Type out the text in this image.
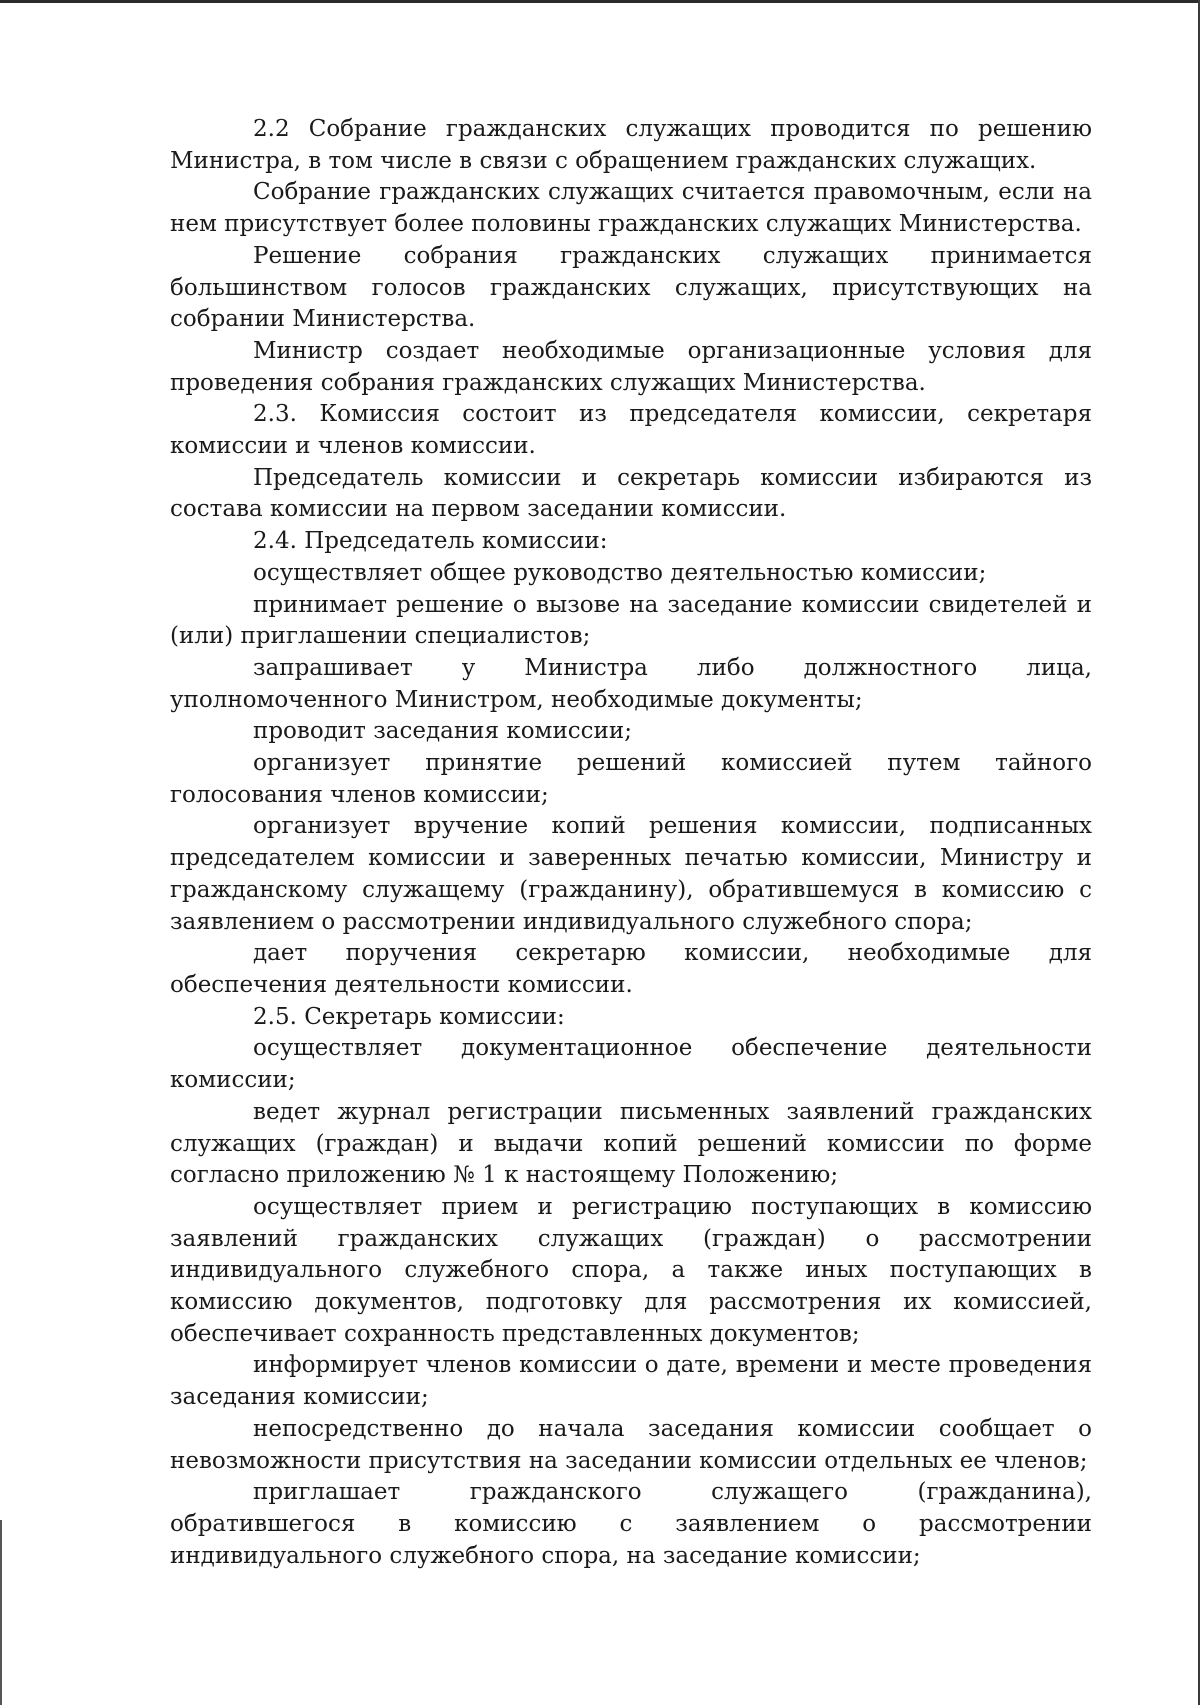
2.2 Собрание гражданских служащих проводится по решению Министра, в том числе в связи с обращением гражданских служащих.

Собрание гражданских служащих считается правомочным, если на нем присутствует более половины гражданских служащих Министерства.

Решение собрания гражданских служащих принимается большинством голосов гражданских служащих, присутствующих на собрании Министерства.

Министр создает необходимые организационные условия для проведения собрания гражданских служащих Министерства.

2.3. Комиссия состоит из председателя комиссии, секретаря комиссии и членов комиссии.

Председатель комиссии и секретарь комиссии избираются из состава комиссии на первом заседании комиссии.

2.4. Председатель комиссии:

осуществляет общее руководство деятельностью комиссии;

принимает решение о вызове на заседание комиссии свидетелей и (или) приглашении специалистов;

запрашивает у Министра либо должностного лица, уполномоченного Министром, необходимые документы;

проводит заседания комиссии;

организует принятие решений комиссией путем тайного голосования членов комиссии;

организует вручение копий решения комиссии, подписанных председателем комиссии и заверенных печатью комиссии, Министру и гражданскому служащему (гражданину), обратившемуся в комиссию с заявлением о рассмотрении индивидуального служебного спора;

дает поручения секретарю комиссии, необходимые для обеспечения деятельности комиссии.

2.5. Секретарь комиссии:

осуществляет документационное обеспечение деятельности комиссии;

ведет журнал регистрации письменных заявлений гражданских служащих (граждан) и выдачи копий решений комиссии по форме согласно приложению № 1 к настоящему Положению;

осуществляет прием и регистрацию поступающих в комиссию заявлений гражданских служащих (граждан) о рассмотрении индивидуального служебного спора, а также иных поступающих в комиссию документов, подготовку для рассмотрения их комиссией, обеспечивает сохранность представленных документов;

информирует членов комиссии о дате, времени и месте проведения заседания комиссии;

непосредственно до начала заседания комиссии сообщает о невозможности присутствия на заседании комиссии отдельных ее членов;

приглашает гражданского служащего (гражданина), обратившегося в комиссию с заявлением о рассмотрении индивидуального служебного спора, на заседание комиссии;
